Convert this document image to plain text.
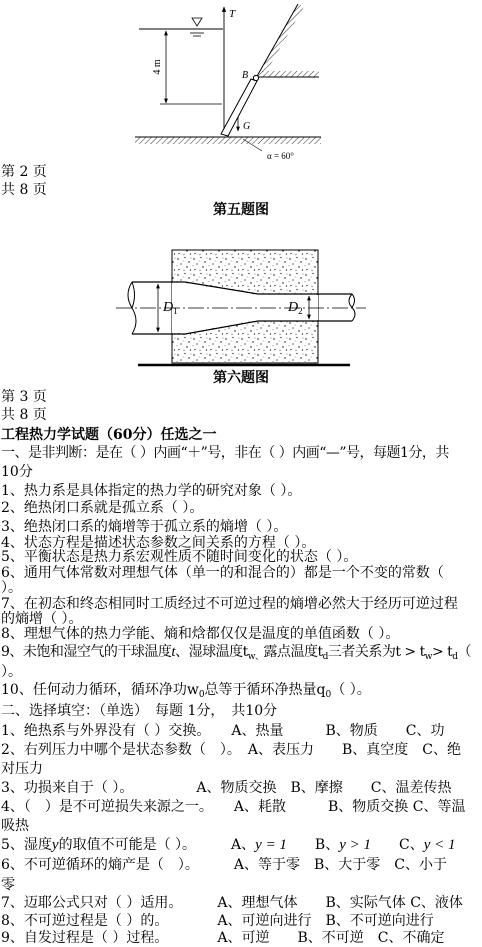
4 m
T
B
G
α = 60°
第 2 页
共 8 页
第五题图
$D_1$	$D_2$
第六题图
第 3 页
共 8 页
工程热力学试题（60分）任选之一
一、是非判断：是在（ ）内画“＋”号，非在（ ）内画“—”号，每题1分，共
10分
1、热力系是具体指定的热力学的研究对象（ ）。
2、绝热闭口系就是孤立系（ ）。
3、绝热闭口系的熵增等于孤立系的熵增（ ）。
4、状态方程是描述状态参数之间关系的方程（ ）。
5、平衡状态是热力系宏观性质不随时间变化的状态（ ）。
6、通用气体常数对理想气体（单一的和混合的）都是一个不变的常数（
）。
7、在初态和终态相同时工质经过不可逆过程的熵增必然大于经历可逆过程
的熵增（ ）。
8、理想气体的热力学能、熵和焓都仅仅是温度的单值函数（ ）。
9、未饱和湿空气的干球温度t、湿球温度$t_{w、}$露点温度$t_d$三者关系为$t > t_w> t_d$（
）。
10、任何动力循环，循环净功$w_0$总等于循环净热量$q_0$（ ）。
二、选择填空：（单选）　每题 1分，　共10分
1、绝热系与外界没有（ ）交换。　　A、热量　　　B、物质　　C、功
2、右列压力中哪个是状态参数（　）。　A、表压力　　B、真空度　C、绝
对压力
3、功损来自于（ ）。　　　　　A、物质交换　B、摩擦　　C、温差传热
4、（　）是不可逆损失来源之一。　　A、耗散　　　B、物质交换 C、等温
吸热
5、湿度y的取值不可能是（ ）。　　　A、y = 1　　B、y > 1　　C、y < 1
6、不可逆循环的熵产是（　）。　　　A、等于零　B、大于零　C、小于
零
7、迈耶公式只对（ ）适用。　　　A、理想气体　　B、实际气体 C、液体
8、不可逆过程是（ ）的。　　　　A、可逆向进行　B、不可逆向进行
9、自发过程是（ ）过程。　　　　A、可逆　　B、不可逆　C、不确定
